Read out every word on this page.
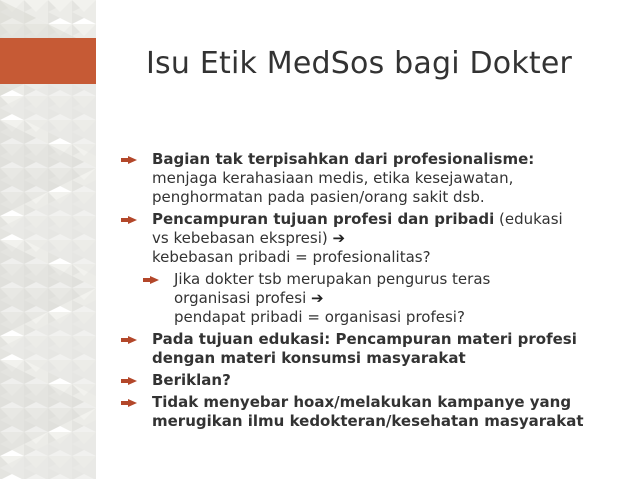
Isu Etik MedSos bagi Dokter
Bagian tak terpisahkan dari profesionalisme:
menjaga kerahasiaan medis, etika kesejawatan,
penghormatan pada pasien/orang sakit dsb.
Pencampuran tujuan profesi dan pribadi (edukasi
vs kebebasan ekspresi) ➔
kebebasan pribadi = profesionalitas?
Jika dokter tsb merupakan pengurus teras
organisasi profesi ➔
pendapat pribadi = organisasi profesi?
Pada tujuan edukasi: Pencampuran materi profesi
dengan materi konsumsi masyarakat
Beriklan?
Tidak menyebar hoax/melakukan kampanye yang
merugikan ilmu kedokteran/kesehatan masyarakat
